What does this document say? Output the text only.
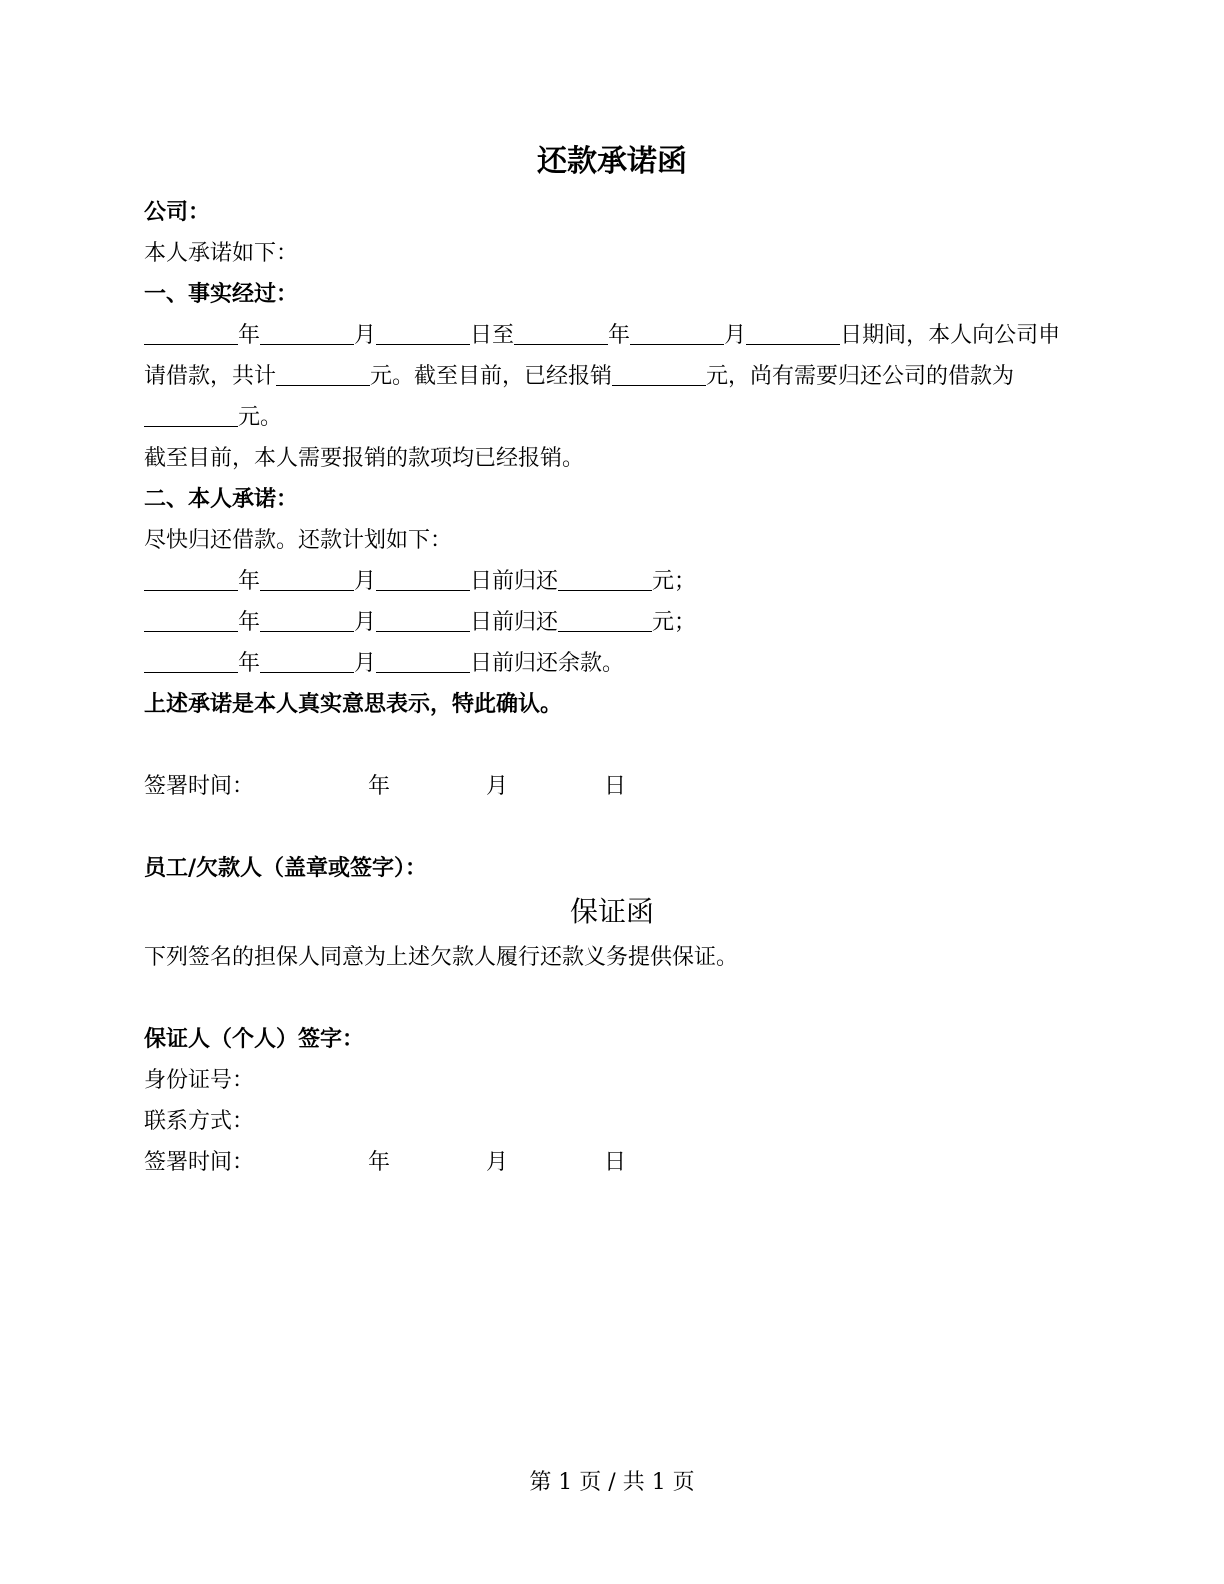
还款承诺函
公司：
本人承诺如下：
一、事实经过：
年	月	日至	年	月	日期间，本人向公司申请借款，共计	元。截至目前，已经报销	元，尚有需要归还公司的借款为元。
截至目前，本人需要报销的款项均已经报销。
二、本人承诺：
尽快归还借款。还款计划如下：
年	月	日前归还	元；
年	月	日前归还	元；
年	月	日前归还余款。
上述承诺是本人真实意思表示，特此确认。
签署时间：	年	月	日
员工/欠款人（盖章或签字）：
保证函
下列签名的担保人同意为上述欠款人履行还款义务提供保证。
保证人（个人）签字：
身份证号：
联系方式：
签署时间：	年	月	日
第 1 页 / 共 1 页
